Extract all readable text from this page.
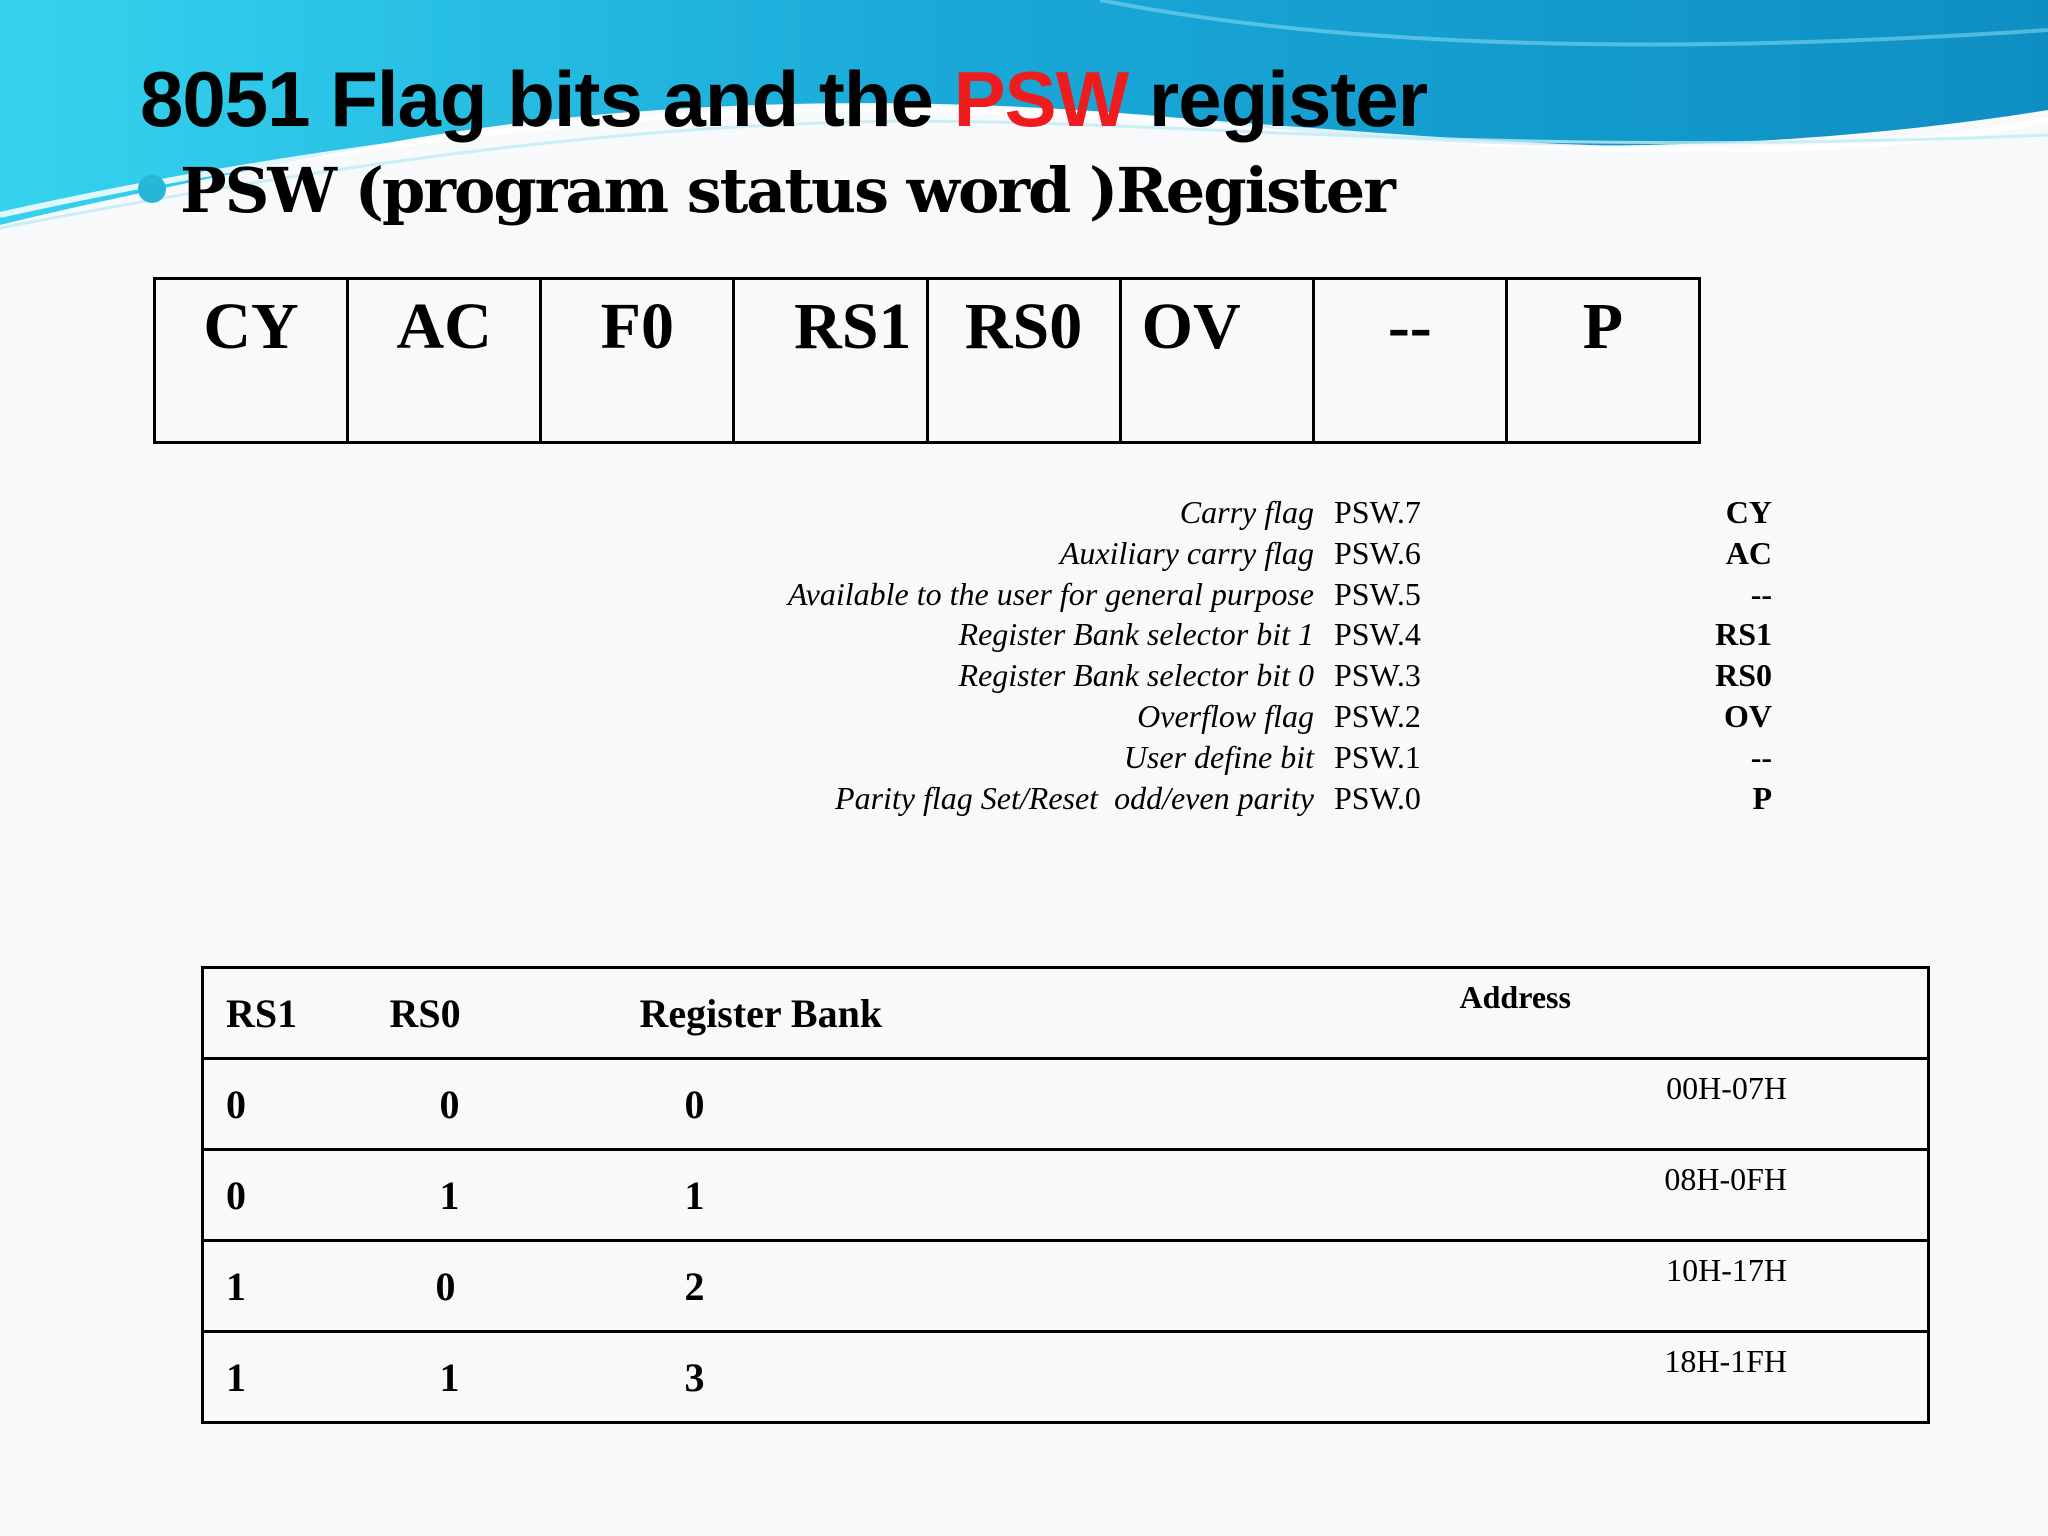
8051 Flag bits and the PSW register
PSW (program status word )Register
CY	AC	F0	RS1	RS0	OV	--	P
Carry flag PSW.7	CY
Auxiliary carry flag PSW.6	AC
Available to the user for general purpose PSW.5	--
Register Bank selector bit 1 PSW.4	RS1
Register Bank selector bit 0 PSW.3	RS0
Overflow flag PSW.2	OV
User define bit PSW.1	--
Parity flag Set/Reset  odd/even parity PSW.0	P
RS1	RS0	Register Bank	Address
0	0	0	00H-07H
0	1	1	08H-0FH
1	0	2	10H-17H
1	1	3	18H-1FH
